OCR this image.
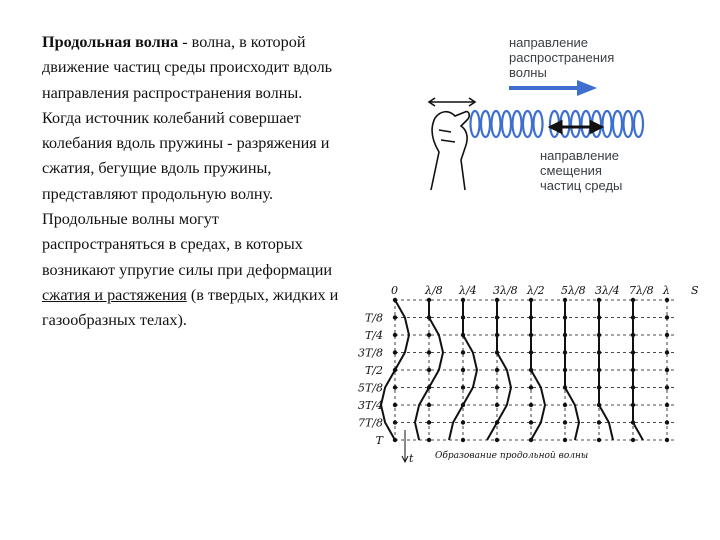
Продольная волна - волна, в которой движение частиц среды происходит вдоль направления распространения волны.

Когда источник колебаний совершает колебания вдоль пружины - разряжения и сжатия, бегущие вдоль пружины, представляют продольную волну.

Продольные волны могут распространяться в средах, в которых возникают упругие силы при деформации сжатия и растяжения (в твердых, жидких и газообразных телах).

направление
распространения
волны
направление
смещения
частиц среды
0 λ/8 λ/4 3λ/8 λ/2 5λ/8 3λ/4 7λ/8 λ S
T/8
T/4
3T/8
T/2
5T/8
3T/4
7T/8
T
t Образование продольной волны
